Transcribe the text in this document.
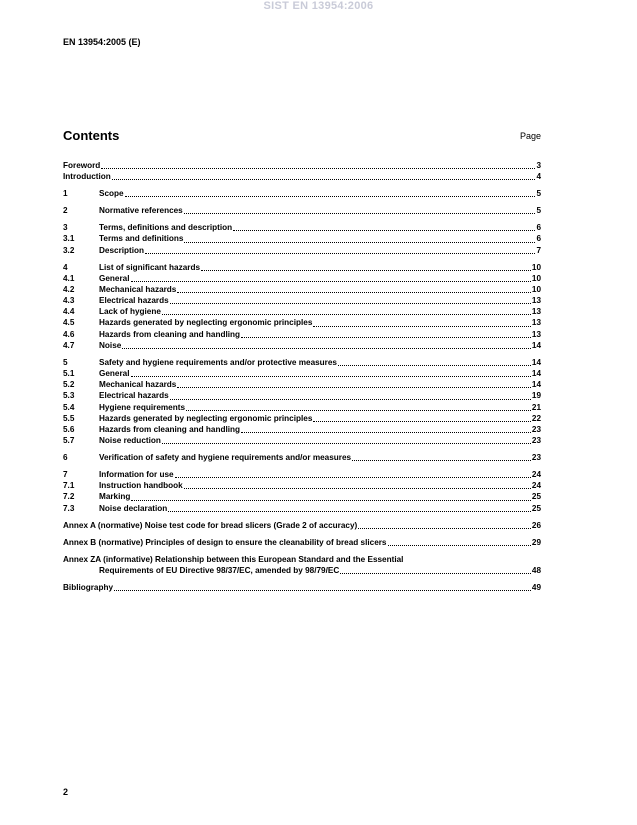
SIST EN 13954:2006
EN 13954:2005 (E)
Contents	Page
Foreword	3
Introduction	4
1	Scope	5
2	Normative references	5
3	Terms, definitions and description	6
3.1	Terms and definitions	6
3.2	Description	7
4	List of significant hazards	10
4.1	General	10
4.2	Mechanical hazards	10
4.3	Electrical hazards	13
4.4	Lack of hygiene	13
4.5	Hazards generated by neglecting ergonomic principles	13
4.6	Hazards from cleaning and handling	13
4.7	Noise	14
5	Safety and hygiene requirements and/or protective measures	14
5.1	General	14
5.2	Mechanical hazards	14
5.3	Electrical hazards	19
5.4	Hygiene requirements	21
5.5	Hazards generated by neglecting ergonomic principles	22
5.6	Hazards from cleaning and handling	23
5.7	Noise reduction	23
6	Verification of safety and hygiene requirements and/or measures	23
7	Information for use	24
7.1	Instruction handbook	24
7.2	Marking	25
7.3	Noise declaration	25
Annex A (normative) Noise test code for bread slicers (Grade 2 of accuracy)	26
Annex B (normative) Principles of design to ensure the cleanability of bread slicers	29
Annex ZA (informative) Relationship between this European Standard and the Essential
Requirements of EU Directive 98/37/EC, amended by 98/79/EC	48
Bibliography	49
2
